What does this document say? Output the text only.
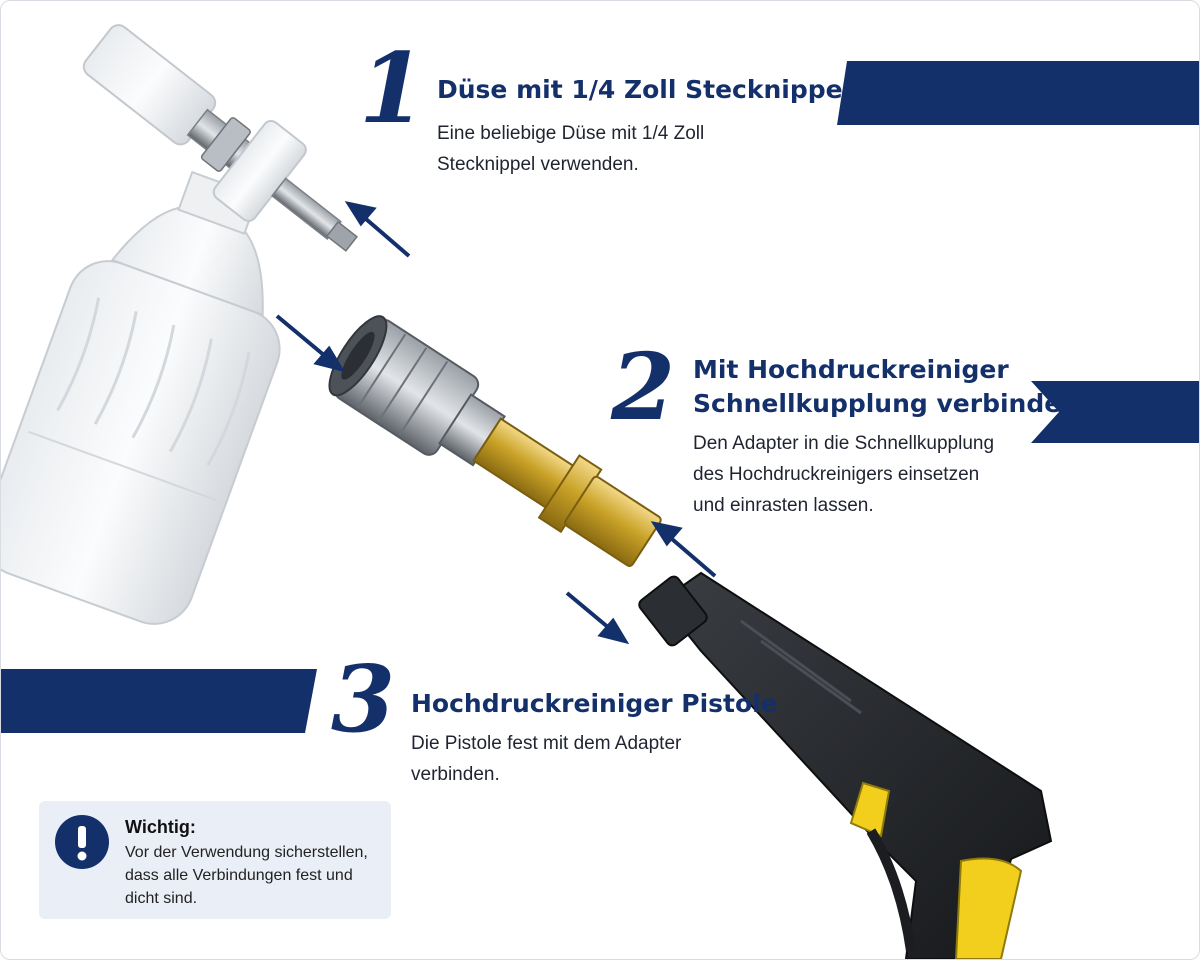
1 Düse mit 1/4 Zoll Stecknippel
Eine beliebige Düse mit 1/4 Zoll
Stecknippel verwenden.
2 Mit Hochdruckreiniger
Schnellkupplung verbinden
Den Adapter in die Schnellkupplung
des Hochdruckreinigers einsetzen
und einrasten lassen.
3 Hochdruckreiniger Pistole
Die Pistole fest mit dem Adapter
verbinden.
Wichtig:
Vor der Verwendung sicherstellen,
dass alle Verbindungen fest und
dicht sind.
